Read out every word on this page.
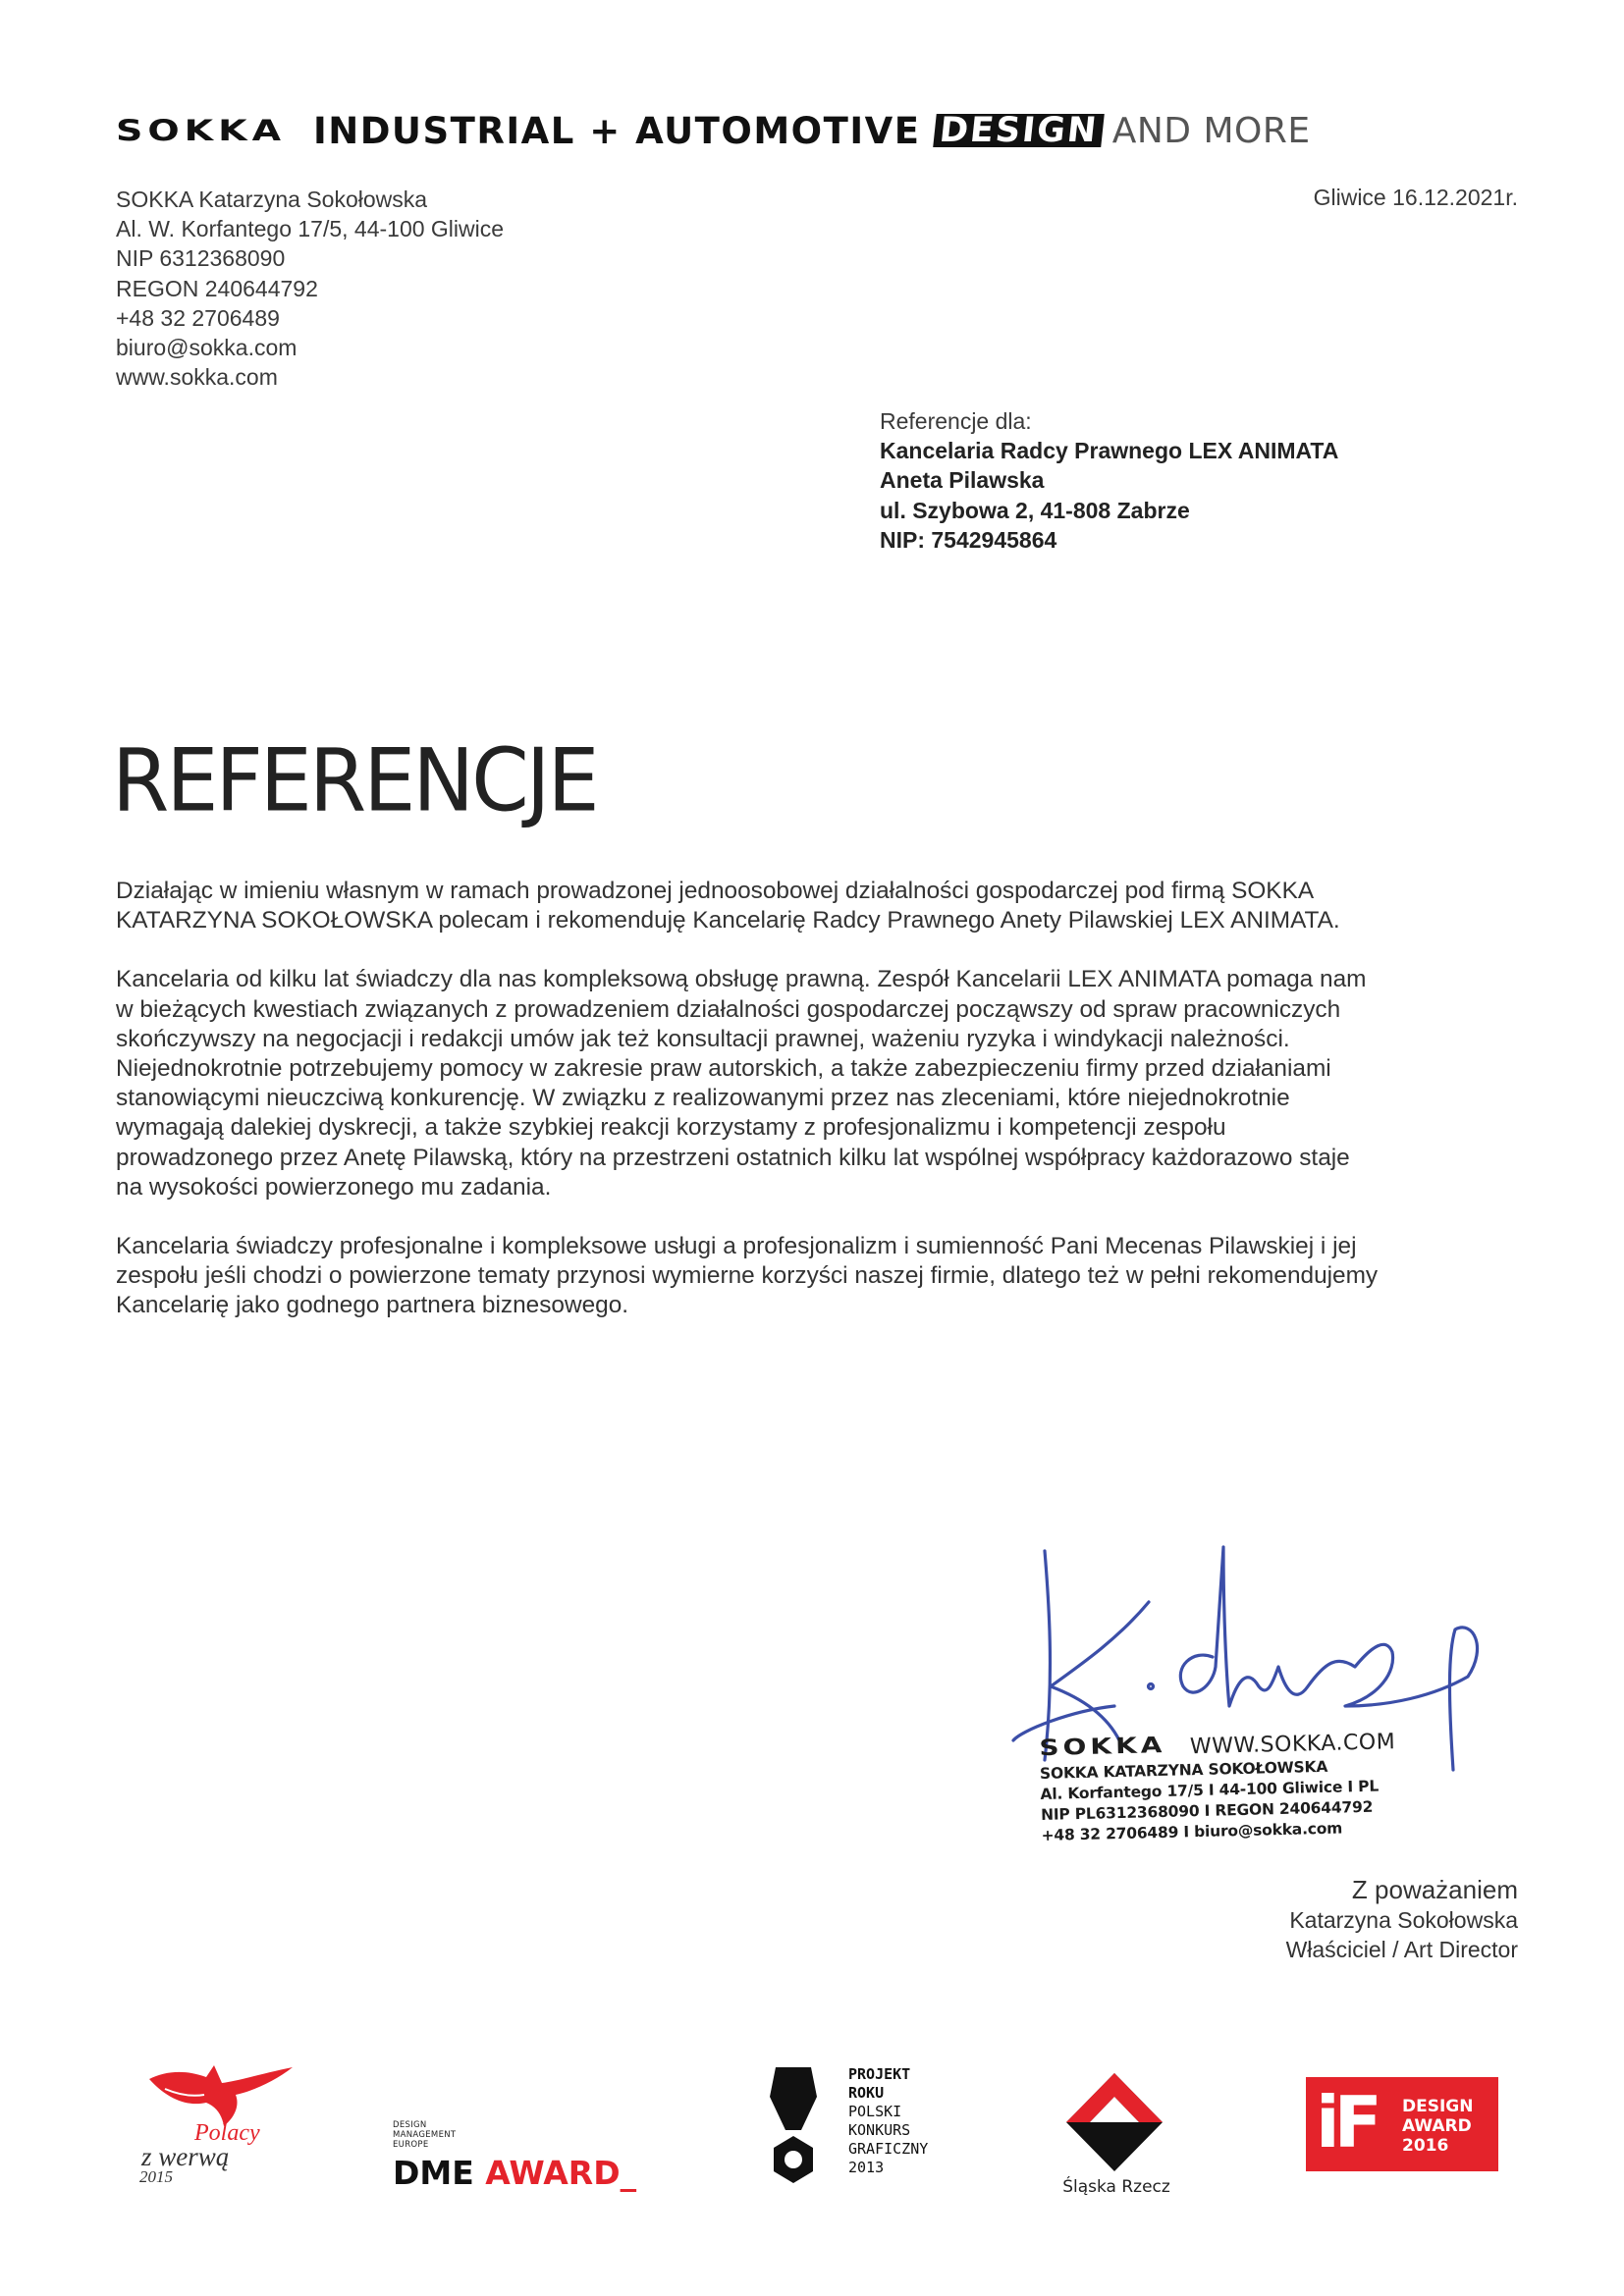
SOKKA INDUSTRIAL + AUTOMOTIVE DESIGN AND MORE
SOKKA Katarzyna Sokołowska
Al. W. Korfantego 17/5, 44-100 Gliwice
NIP 6312368090
REGON 240644792
+48 32 2706489
biuro@sokka.com
www.sokka.com
Gliwice 16.12.2021r.
Referencje dla:
Kancelaria Radcy Prawnego LEX ANIMATA
Aneta Pilawska
ul. Szybowa 2, 41-808 Zabrze
NIP: 7542945864
REFERENCJE

Działając w imieniu własnym w ramach prowadzonej jednoosobowej działalności gospodarczej pod firmą SOKKA
KATARZYNA SOKOŁOWSKA polecam i rekomenduję Kancelarię Radcy Prawnego Anety Pilawskiej LEX ANIMATA.

Kancelaria od kilku lat świadczy dla nas kompleksową obsługę prawną. Zespół Kancelarii LEX ANIMATA pomaga nam
w bieżących kwestiach związanych z prowadzeniem działalności gospodarczej począwszy od spraw pracowniczych
skończywszy na negocjacji i redakcji umów jak też konsultacji prawnej, ważeniu ryzyka i windykacji należności.
Niejednokrotnie potrzebujemy pomocy w zakresie praw autorskich, a także zabezpieczeniu firmy przed działaniami
stanowiącymi nieuczciwą konkurencję. W związku z realizowanymi przez nas zleceniami, które niejednokrotnie
wymagają dalekiej dyskrecji, a także szybkiej reakcji korzystamy z profesjonalizmu i kompetencji zespołu
prowadzonego przez Anetę Pilawską, który na przestrzeni ostatnich kilku lat wspólnej współpracy każdorazowo staje
na wysokości powierzonego mu zadania.

Kancelaria świadczy profesjonalne i kompleksowe usługi a profesjonalizm i sumienność Pani Mecenas Pilawskiej i jej
zespołu jeśli chodzi o powierzone tematy przynosi wymierne korzyści naszej firmie, dlatego też w pełni rekomendujemy
Kancelarię jako godnego partnera biznesowego.

SOKKA WWW.SOKKA.COM
SOKKA KATARZYNA SOKOŁOWSKA
Al. Korfantego 17/5 I 44-100 Gliwice I PL
NIP PL6312368090 I REGON 240644792
+48 32 2706489 I biuro@sokka.com
Z poważaniem
Katarzyna Sokołowska
Właściciel / Art Director
Polacy
z werwą
2015
DESIGN
MANAGEMENT
EUROPE
DME AWARD_
PROJEKT
ROKU
POLSKI
KONKURS
GRAFICZNY
2013
Śląska Rzecz
iF DESIGN
AWARD
2016
